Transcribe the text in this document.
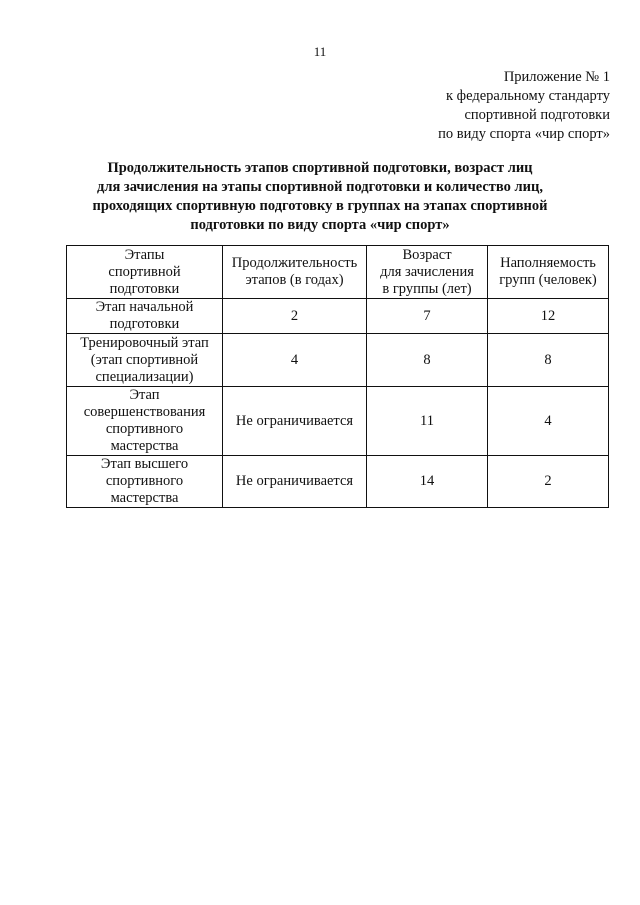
11
Приложение № 1
к федеральному стандарту
спортивной подготовки
по виду спорта «чир спорт»
Продолжительность этапов спортивной подготовки, возраст лиц
для зачисления на этапы спортивной подготовки и количество лиц,
проходящих спортивную подготовку в группах на этапах спортивной
подготовки по виду спорта «чир спорт»
Этапы
спортивной
подготовки	Продолжительность
этапов (в годах)	Возраст
для зачисления
в группы (лет)	Наполняемость
групп (человек)
Этап начальной
подготовки	2	7	12
Тренировочный этап
(этап спортивной
специализации)	4	8	8
Этап
совершенствования
спортивного
мастерства	Не ограничивается	11	4
Этап высшего
спортивного
мастерства	Не ограничивается	14	2
